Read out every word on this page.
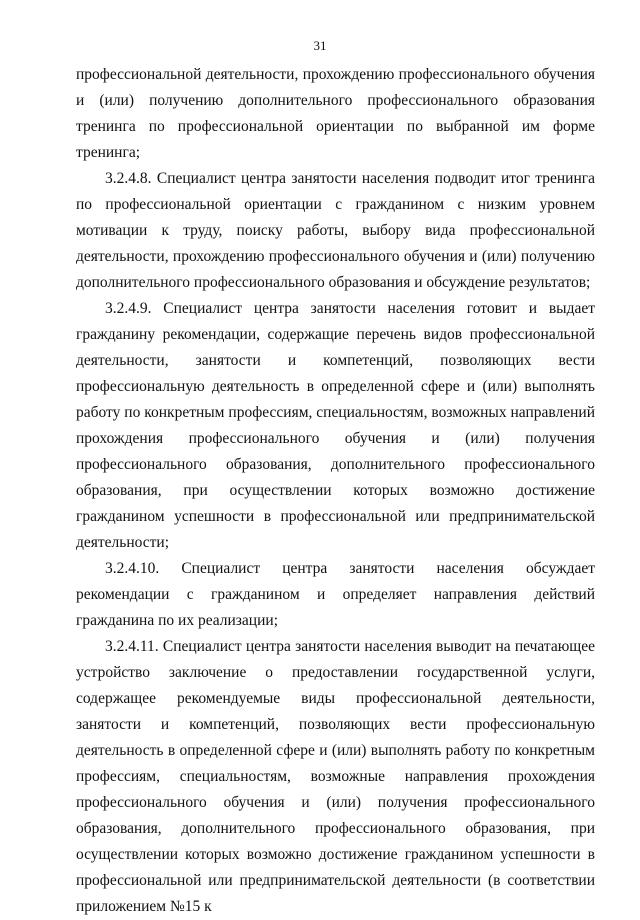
31

профессиональной деятельности, прохождению профессионального обучения и (или) получению дополнительного профессионального образования тренинга по профессиональной ориентации по выбранной им форме тренинга;

3.2.4.8. Специалист центра занятости населения подводит итог тренинга по профессиональной ориентации с гражданином с низким уровнем мотивации к труду, поиску работы, выбору вида профессиональной деятельности, прохождению профессионального обучения и (или) получению дополнительного профессионального образования и обсуждение результатов;

3.2.4.9. Специалист центра занятости населения готовит и выдает гражданину рекомендации, содержащие перечень видов профессиональной деятельности, занятости и компетенций, позволяющих вести профессиональную деятельность в определенной сфере и (или) выполнять работу по конкретным профессиям, специальностям, возможных направлений прохождения профессионального обучения и (или) получения профессионального образования, дополнительного профессионального образования, при осуществлении которых возможно достижение гражданином успешности в профессиональной или предпринимательской деятельности;

3.2.4.10. Специалист центра занятости населения обсуждает рекомендации с гражданином и определяет направления действий гражданина по их реализации;

3.2.4.11. Специалист центра занятости населения выводит на печатающее устройство заключение о предоставлении государственной услуги, содержащее рекомендуемые виды профессиональной деятельности, занятости и компетенций, позволяющих вести профессиональную деятельность в определенной сфере и (или) выполнять работу по конкретным профессиям, специальностям, возможные направления прохождения профессионального обучения и (или) получения профессионального образования, дополнительного профессионального образования, при осуществлении которых возможно достижение гражданином успешности в профессиональной или предпринимательской деятельности (в соответствии приложением №15 к
